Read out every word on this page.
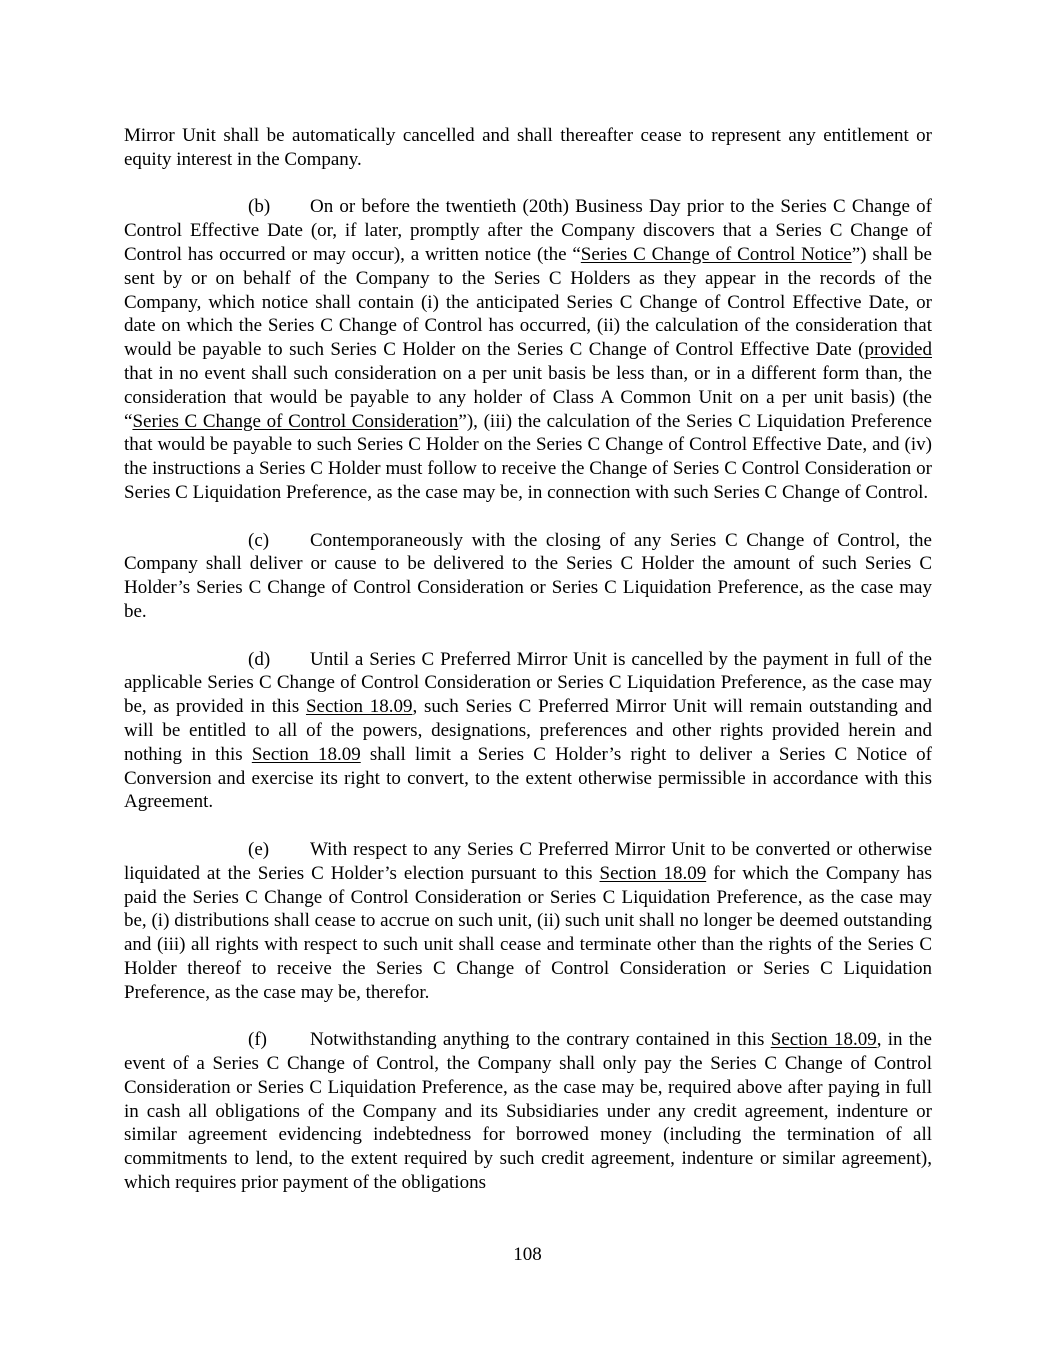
Mirror Unit shall be automatically cancelled and shall thereafter cease to represent any entitlement or equity interest in the Company.

(b) On or before the twentieth (20th) Business Day prior to the Series C Change of Control Effective Date (or, if later, promptly after the Company discovers that a Series C Change of Control has occurred or may occur), a written notice (the “Series C Change of Control Notice”) shall be sent by or on behalf of the Company to the Series C Holders as they appear in the records of the Company, which notice shall contain (i) the anticipated Series C Change of Control Effective Date, or date on which the Series C Change of Control has occurred, (ii) the calculation of the consideration that would be payable to such Series C Holder on the Series C Change of Control Effective Date (provided that in no event shall such consideration on a per unit basis be less than, or in a different form than, the consideration that would be payable to any holder of Class A Common Unit on a per unit basis) (the “Series C Change of Control Consideration”), (iii) the calculation of the Series C Liquidation Preference that would be payable to such Series C Holder on the Series C Change of Control Effective Date, and (iv) the instructions a Series C Holder must follow to receive the Change of Series C Control Consideration or Series C Liquidation Preference, as the case may be, in connection with such Series C Change of Control.

(c) Contemporaneously with the closing of any Series C Change of Control, the Company shall deliver or cause to be delivered to the Series C Holder the amount of such Series C Holder’s Series C Change of Control Consideration or Series C Liquidation Preference, as the case may be.

(d) Until a Series C Preferred Mirror Unit is cancelled by the payment in full of the applicable Series C Change of Control Consideration or Series C Liquidation Preference, as the case may be, as provided in this Section 18.09, such Series C Preferred Mirror Unit will remain outstanding and will be entitled to all of the powers, designations, preferences and other rights provided herein and nothing in this Section 18.09 shall limit a Series C Holder’s right to deliver a Series C Notice of Conversion and exercise its right to convert, to the extent otherwise permissible in accordance with this Agreement.

(e) With respect to any Series C Preferred Mirror Unit to be converted or otherwise liquidated at the Series C Holder’s election pursuant to this Section 18.09 for which the Company has paid the Series C Change of Control Consideration or Series C Liquidation Preference, as the case may be, (i) distributions shall cease to accrue on such unit, (ii) such unit shall no longer be deemed outstanding and (iii) all rights with respect to such unit shall cease and terminate other than the rights of the Series C Holder thereof to receive the Series C Change of Control Consideration or Series C Liquidation Preference, as the case may be, therefor.

(f) Notwithstanding anything to the contrary contained in this Section 18.09, in the event of a Series C Change of Control, the Company shall only pay the Series C Change of Control Consideration or Series C Liquidation Preference, as the case may be, required above after paying in full in cash all obligations of the Company and its Subsidiaries under any credit agreement, indenture or similar agreement evidencing indebtedness for borrowed money (including the termination of all commitments to lend, to the extent required by such credit agreement, indenture or similar agreement), which requires prior payment of the obligations

108
